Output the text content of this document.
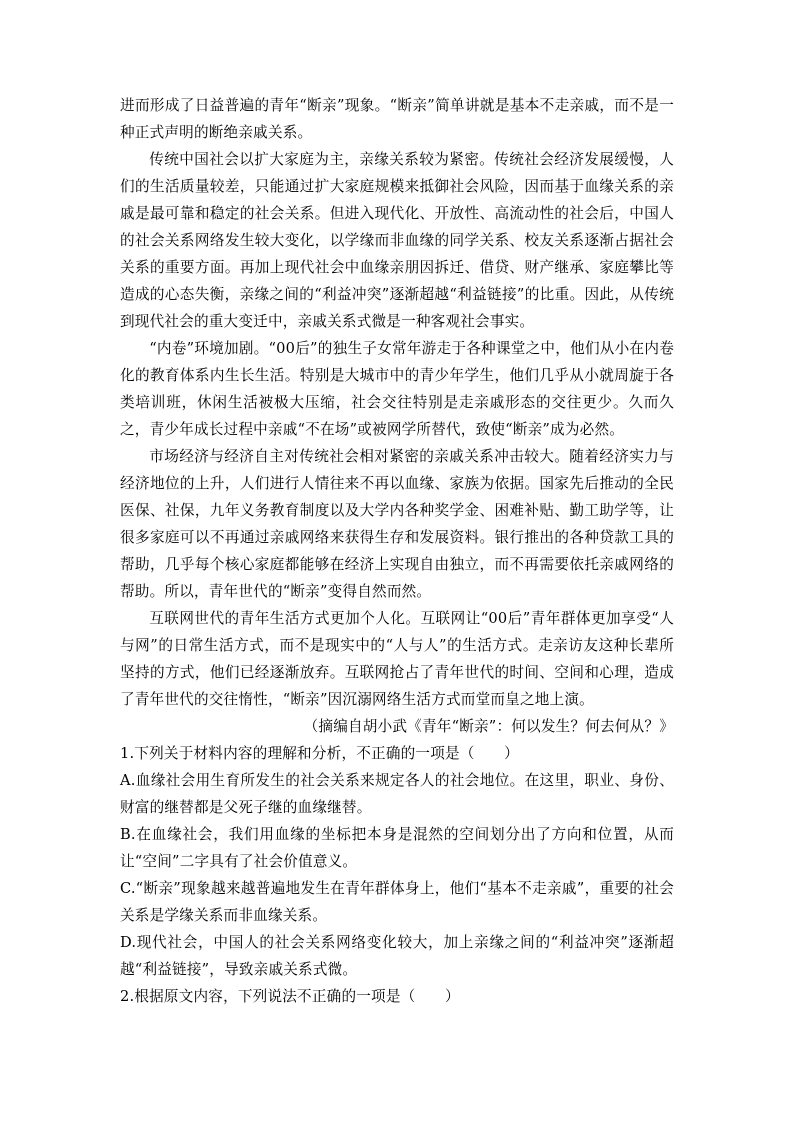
进而形成了日益普遍的青年“断亲”现象。“断亲”简单讲就是基本不走亲戚，而不是一种正式声明的断绝亲戚关系。

传统中国社会以扩大家庭为主，亲缘关系较为紧密。传统社会经济发展缓慢，人们的生活质量较差，只能通过扩大家庭规模来抵御社会风险，因而基于血缘关系的亲戚是最可靠和稳定的社会关系。但进入现代化、开放性、高流动性的社会后，中国人的社会关系网络发生较大变化，以学缘而非血缘的同学关系、校友关系逐渐占据社会关系的重要方面。再加上现代社会中血缘亲朋因拆迁、借贷、财产继承、家庭攀比等造成的心态失衡，亲缘之间的“利益冲突”逐渐超越“利益链接”的比重。因此，从传统到现代社会的重大变迁中，亲戚关系式微是一种客观社会事实。

“内卷”环境加剧。“00后”的独生子女常年游走于各种课堂之中，他们从小在内卷化的教育体系内生长生活。特别是大城市中的青少年学生，他们几乎从小就周旋于各类培训班，休闲生活被极大压缩，社会交往特别是走亲戚形态的交往更少。久而久之，青少年成长过程中亲戚“不在场”或被网学所替代，致使“断亲”成为必然。

市场经济与经济自主对传统社会相对紧密的亲戚关系冲击较大。随着经济实力与经济地位的上升，人们进行人情往来不再以血缘、家族为依据。国家先后推动的全民医保、社保，九年义务教育制度以及大学内各种奖学金、困难补贴、勤工助学等，让很多家庭可以不再通过亲戚网络来获得生存和发展资料。银行推出的各种贷款工具的帮助，几乎每个核心家庭都能够在经济上实现自由独立，而不再需要依托亲戚网络的帮助。所以，青年世代的“断亲”变得自然而然。

互联网世代的青年生活方式更加个人化。互联网让“00后”青年群体更加享受“人与网”的日常生活方式，而不是现实中的“人与人”的生活方式。走亲访友这种长辈所坚持的方式，他们已经逐渐放弃。互联网抢占了青年世代的时间、空间和心理，造成了青年世代的交往惰性，“断亲”因沉溺网络生活方式而堂而皇之地上演。

（摘编自胡小武《青年“断亲”：何以发生？何去何从？》

1.下列关于材料内容的理解和分析，不正确的一项是（　　）

A.血缘社会用生育所发生的社会关系来规定各人的社会地位。在这里，职业、身份、财富的继替都是父死子继的血缘继替。

B.在血缘社会，我们用血缘的坐标把本身是混然的空间划分出了方向和位置，从而让“空间”二字具有了社会价值意义。

C.“断亲”现象越来越普遍地发生在青年群体身上，他们“基本不走亲戚”，重要的社会关系是学缘关系而非血缘关系。

D.现代社会，中国人的社会关系网络变化较大，加上亲缘之间的“利益冲突”逐渐超越“利益链接”，导致亲戚关系式微。

2.根据原文内容，下列说法不正确的一项是（　　）
